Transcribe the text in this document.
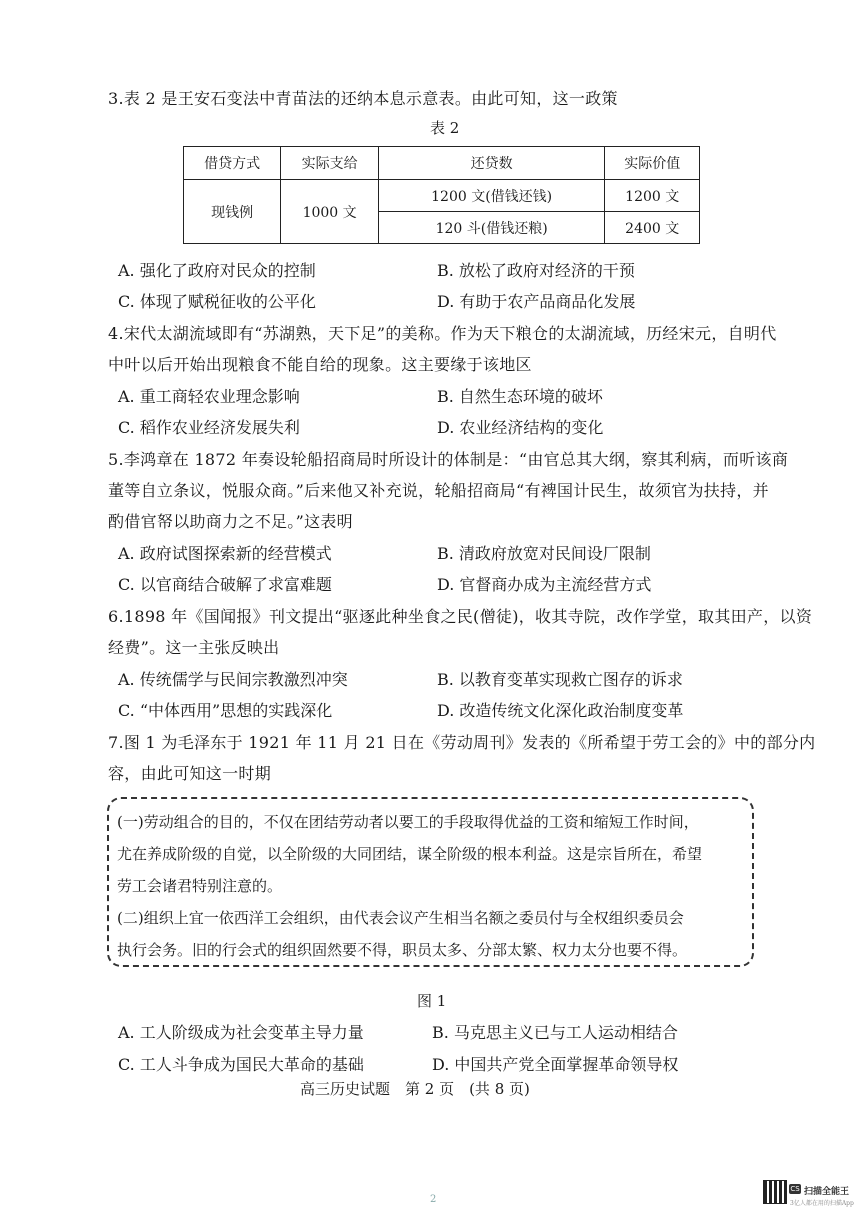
3.表 2 是王安石变法中青苗法的还纳本息示意表。由此可知，这一政策
表 2
借贷方式	实际支给	还贷数	实际价值
现钱例	1000 文	1200 文(借钱还钱)	1200 文
		120 斗(借钱还粮)	2400 文
A. 强化了政府对民众的控制	B. 放松了政府对经济的干预
C. 体现了赋税征收的公平化	D. 有助于农产品商品化发展
4.宋代太湖流域即有“苏湖熟，天下足”的美称。作为天下粮仓的太湖流域，历经宋元，自明代
中叶以后开始出现粮食不能自给的现象。这主要缘于该地区
A. 重工商轻农业理念影响	B. 自然生态环境的破坏
C. 稻作农业经济发展失利	D. 农业经济结构的变化
5.李鸿章在 1872 年奏设轮船招商局时所设计的体制是：“由官总其大纲，察其利病，而听该商
董等自立条议，悦服众商。”后来他又补充说，轮船招商局“有裨国计民生，故须官为扶持，并
酌借官帑以助商力之不足。”这表明
A. 政府试图探索新的经营模式	B. 清政府放宽对民间设厂限制
C. 以官商结合破解了求富难题	D. 官督商办成为主流经营方式
6.1898 年《国闻报》刊文提出“驱逐此种坐食之民(僧徒)，收其寺院，改作学堂，取其田产，以资
经费”。这一主张反映出
A. 传统儒学与民间宗教激烈冲突	B. 以教育变革实现救亡图存的诉求
C. “中体西用”思想的实践深化	D. 改造传统文化深化政治制度变革
7.图 1 为毛泽东于 1921 年 11 月 21 日在《劳动周刊》发表的《所希望于劳工会的》中的部分内
容，由此可知这一时期
(一)劳动组合的目的，不仅在团结劳动者以要工的手段取得优益的工资和缩短工作时间，
尤在养成阶级的自觉，以全阶级的大同团结，谋全阶级的根本利益。这是宗旨所在，希望
劳工会诸君特别注意的。
(二)组织上宜一依西洋工会组织，由代表会议产生相当名额之委员付与全权组织委员会
执行会务。旧的行会式的组织固然要不得，职员太多、分部太繁、权力太分也要不得。
图 1
A. 工人阶级成为社会变革主导力量	B. 马克思主义已与工人运动相结合
C. 工人斗争成为国民大革命的基础	D. 中国共产党全面掌握革命领导权
高三历史试题　第 2 页　(共 8 页)
2
CS 扫描全能王
3亿人都在用的扫描App
